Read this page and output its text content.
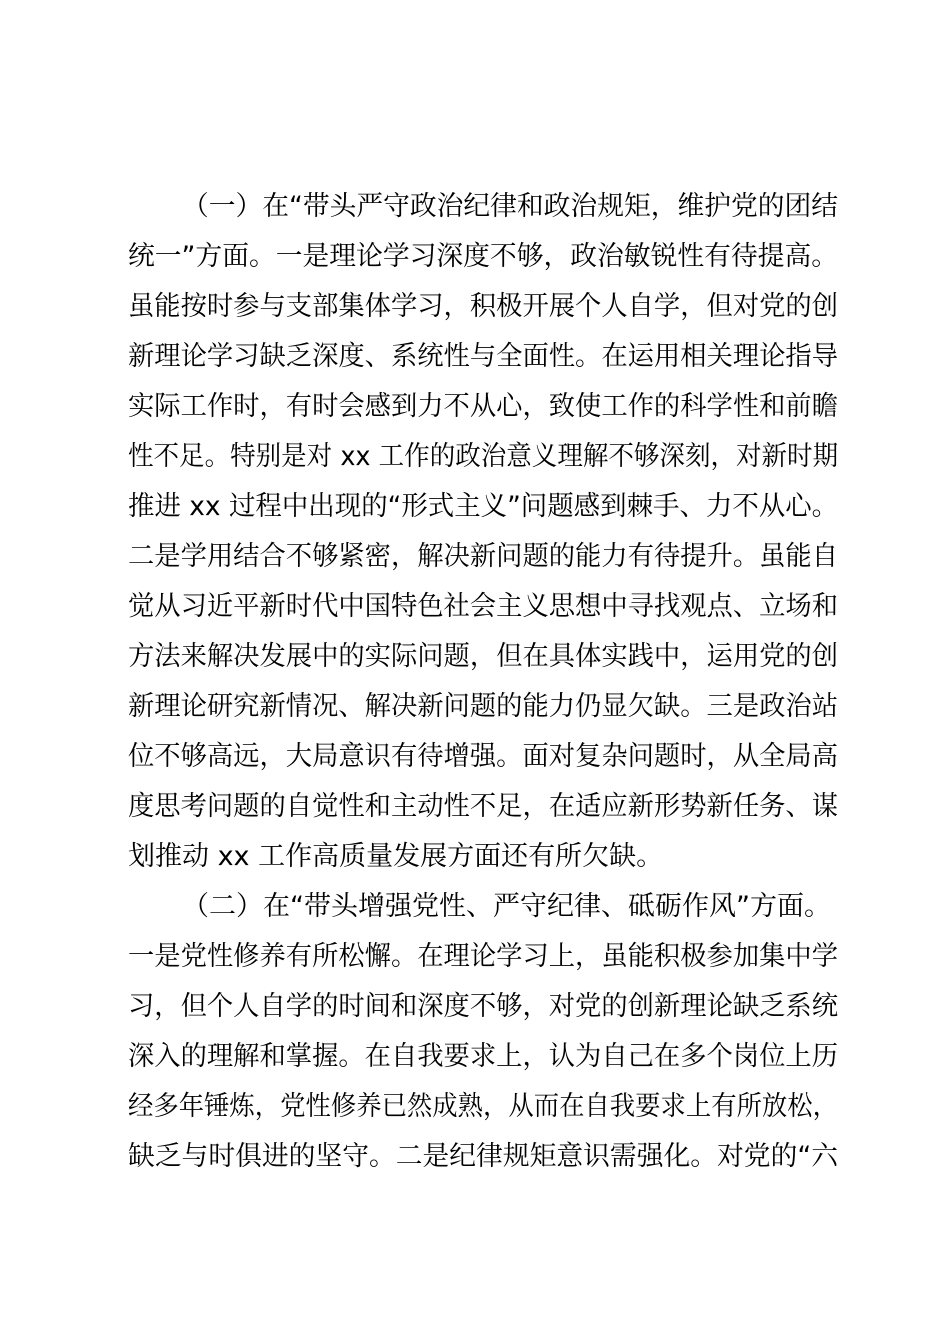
（一）在“带头严守政治纪律和政治规矩，维护党的团结
统一”方面。一是理论学习深度不够，政治敏锐性有待提高。
虽能按时参与支部集体学习，积极开展个人自学，但对党的创
新理论学习缺乏深度、系统性与全面性。在运用相关理论指导
实际工作时，有时会感到力不从心，致使工作的科学性和前瞻
性不足。特别是对 xx 工作的政治意义理解不够深刻，对新时期
推进 xx 过程中出现的“形式主义”问题感到棘手、力不从心。
二是学用结合不够紧密，解决新问题的能力有待提升。虽能自
觉从习近平新时代中国特色社会主义思想中寻找观点、立场和
方法来解决发展中的实际问题，但在具体实践中，运用党的创
新理论研究新情况、解决新问题的能力仍显欠缺。三是政治站
位不够高远，大局意识有待增强。面对复杂问题时，从全局高
度思考问题的自觉性和主动性不足，在适应新形势新任务、谋
划推动 xx 工作高质量发展方面还有所欠缺。
（二）在“带头增强党性、严守纪律、砥砺作风”方面。
一是党性修养有所松懈。在理论学习上，虽能积极参加集中学
习，但个人自学的时间和深度不够，对党的创新理论缺乏系统
深入的理解和掌握。在自我要求上，认为自己在多个岗位上历
经多年锤炼，党性修养已然成熟，从而在自我要求上有所放松，
缺乏与时俱进的坚守。二是纪律规矩意识需强化。对党的“六
